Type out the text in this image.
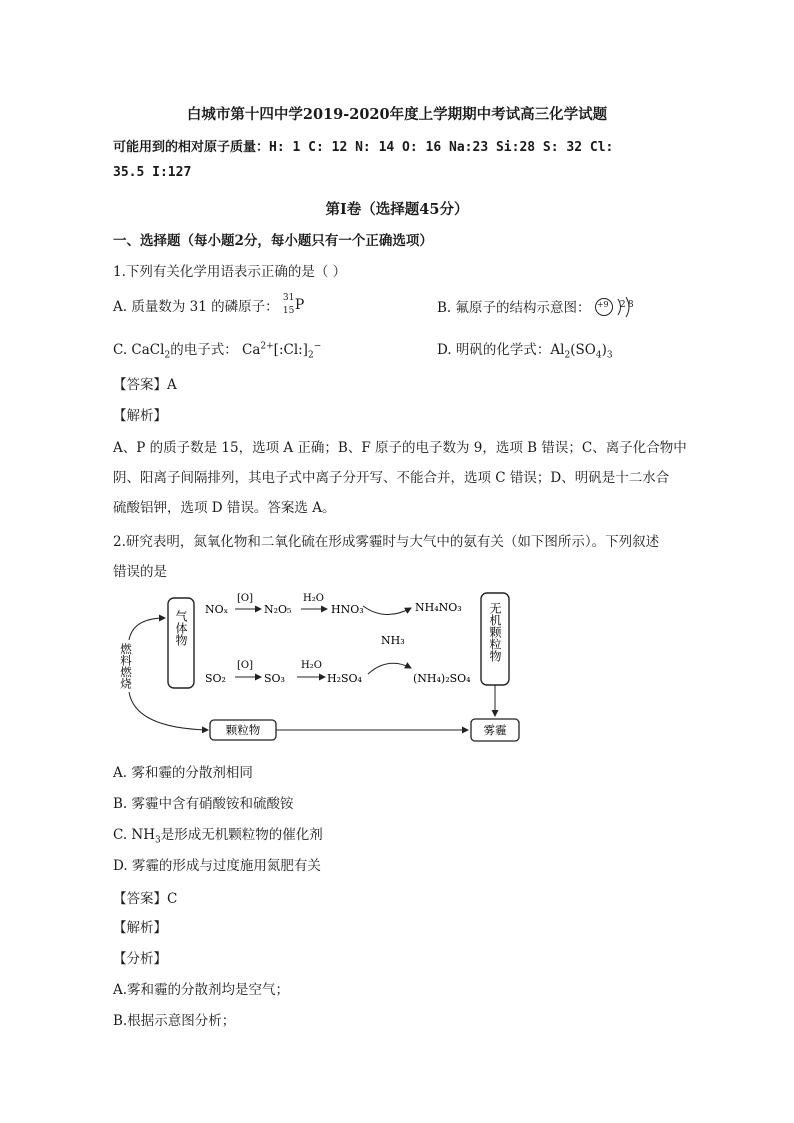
白城市第十四中学2019-2020年度上学期期中考试高三化学试题
可能用到的相对原子质量：H: 1 C: 12 N: 14 O: 16 Na:23 Si:28 S: 32 Cl:
35.5 I:127
第Ⅰ卷（选择题45分）
一、选择题（每小题2分，每小题只有一个正确选项）
1.下列有关化学用语表示正确的是（ ）
A. 质量数为 31 的磷原子：
31
15 P	B. 氟原子的结构示意图： +9 2 8
C. CaCl$_2$的电子式： $Ca^{2+}[:Cl:]_2^-$	D. 明矾的化学式：$Al_2(SO_4)_3$
【答案】A
【解析】
A、P 的质子数是 15，选项 A 正确；B、F 原子的电子数为 9，选项 B 错误；C、离子化合物中
阴、阳离子间隔排列，其电子式中离子分开写、不能合并，选项 C 错误；D、明矾是十二水合
硫酸铝钾，选项 D 错误。答案选 A。
2.研究表明，氮氧化物和二氧化硫在形成雾霾时与大气中的氨有关（如下图所示）。下列叙述
错误的是
气体物	无机颗粒物
燃料燃烧
颗粒物	雾霾
NOₓ
[O]
N₂O₅
H₂O
HNO₃	NH₄NO₃
NH₃
SO₂
[O]
SO₃
H₂O
H₂SO₄	(NH₄)₂SO₄
A. 雾和霾的分散剂相同
B. 雾霾中含有硝酸铵和硫酸铵
C. $NH_3$是形成无机颗粒物的催化剂
D. 雾霾的形成与过度施用氮肥有关
【答案】C
【解析】
【分析】
A.雾和霾的分散剂均是空气；
B.根据示意图分析；
